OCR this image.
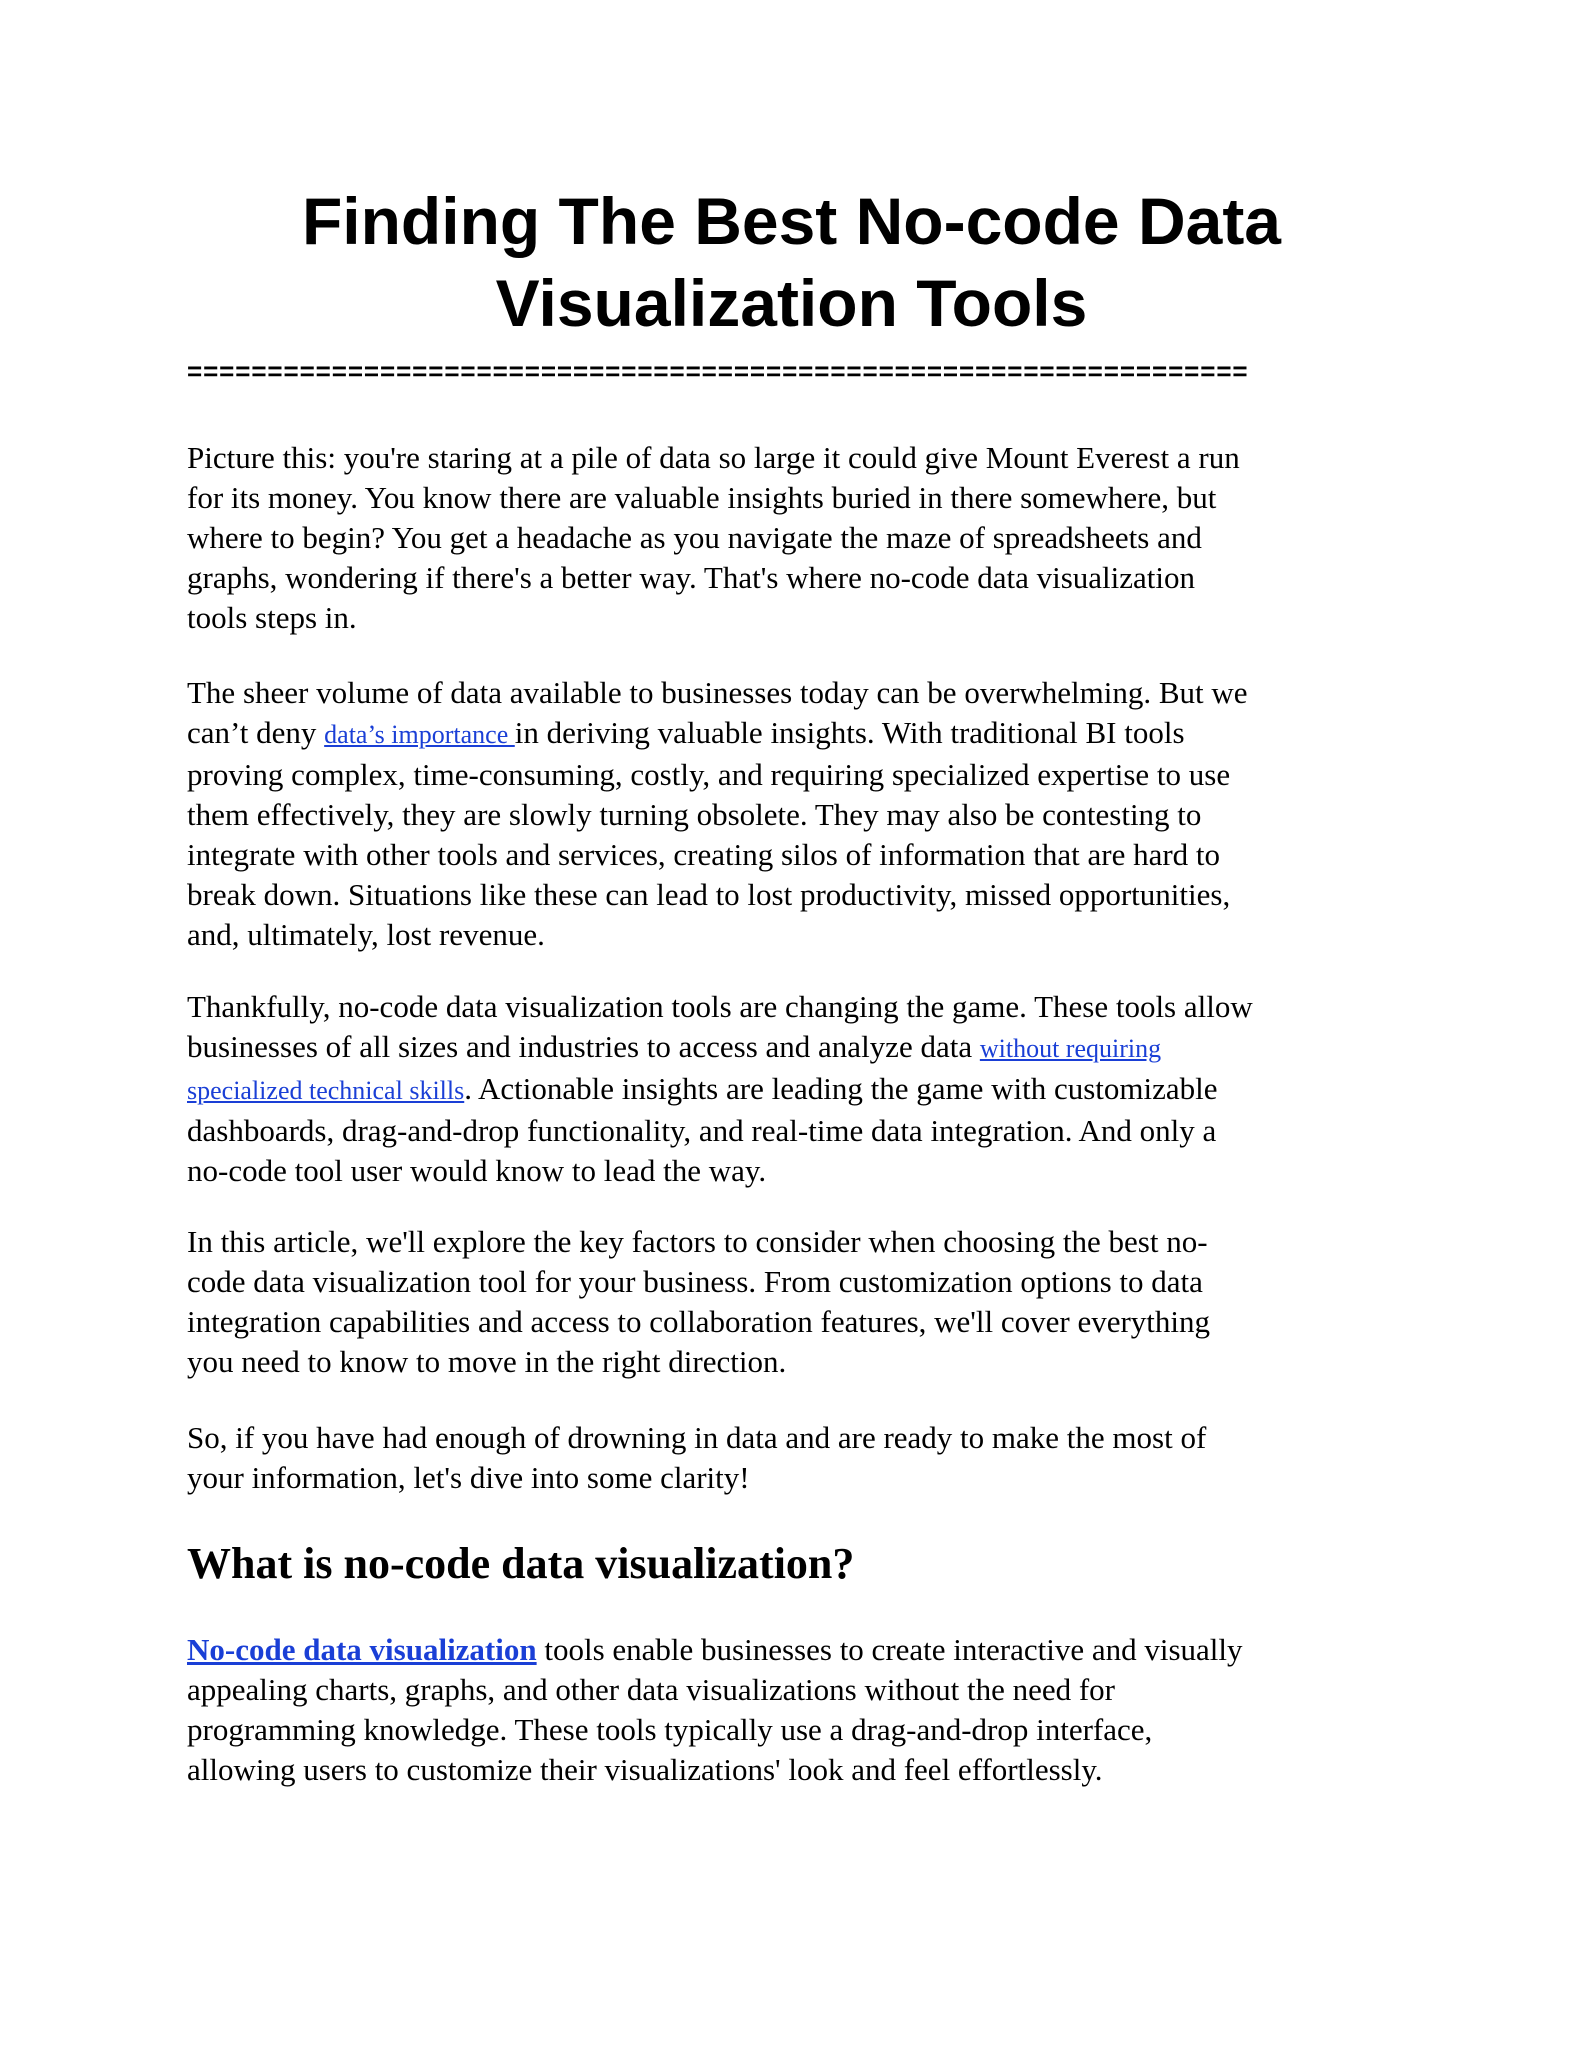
Finding The Best No-code Data
Visualization Tools
==================================================================

Picture this: you're staring at a pile of data so large it could give Mount Everest a run
for its money. You know there are valuable insights buried in there somewhere, but
where to begin? You get a headache as you navigate the maze of spreadsheets and
graphs, wondering if there's a better way. That's where no-code data visualization
tools steps in.

The sheer volume of data available to businesses today can be overwhelming. But we
can’t deny data’s importance in deriving valuable insights. With traditional BI tools
proving complex, time-consuming, costly, and requiring specialized expertise to use
them effectively, they are slowly turning obsolete. They may also be contesting to
integrate with other tools and services, creating silos of information that are hard to
break down. Situations like these can lead to lost productivity, missed opportunities,
and, ultimately, lost revenue.

Thankfully, no-code data visualization tools are changing the game. These tools allow
businesses of all sizes and industries to access and analyze data without requiring
specialized technical skills. Actionable insights are leading the game with customizable
dashboards, drag-and-drop functionality, and real-time data integration. And only a
no-code tool user would know to lead the way.

In this article, we'll explore the key factors to consider when choosing the best no-
code data visualization tool for your business. From customization options to data
integration capabilities and access to collaboration features, we'll cover everything
you need to know to move in the right direction.

So, if you have had enough of drowning in data and are ready to make the most of
your information, let's dive into some clarity!

What is no-code data visualization?

No-code data visualization tools enable businesses to create interactive and visually
appealing charts, graphs, and other data visualizations without the need for
programming knowledge. These tools typically use a drag-and-drop interface,
allowing users to customize their visualizations' look and feel effortlessly.
